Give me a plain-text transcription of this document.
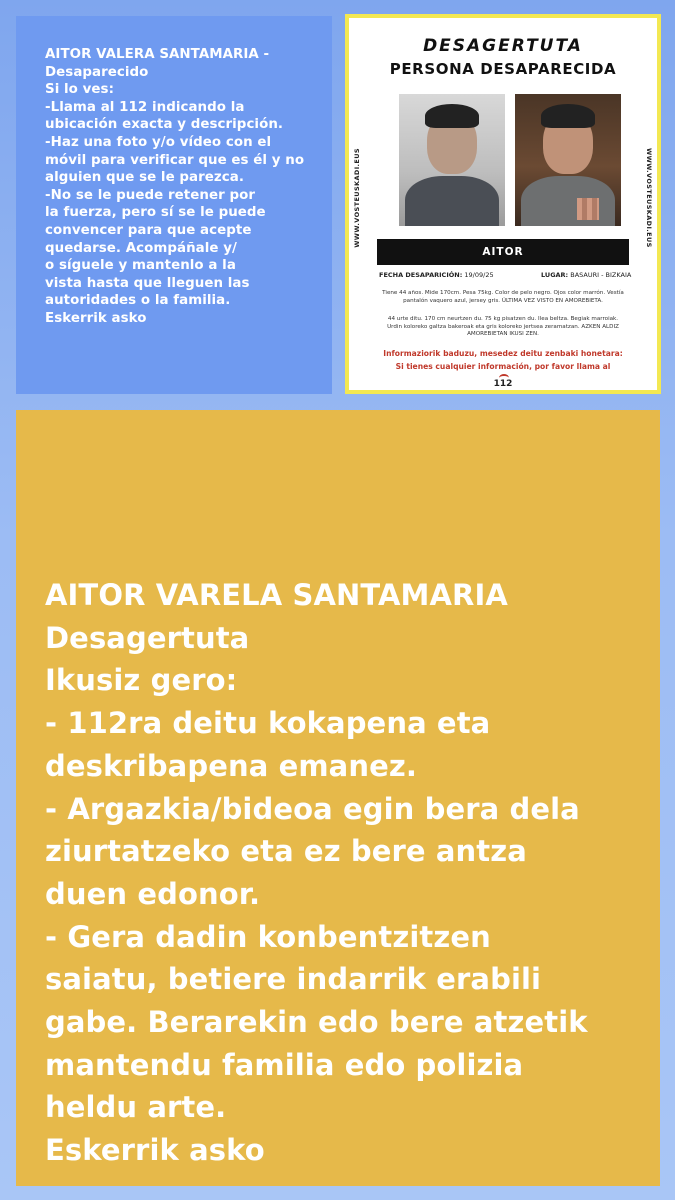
AITOR VALERA SANTAMARIA -
Desaparecido
Si lo ves:
-Llama al 112 indicando la
ubicación exacta y descripción.
-Haz una foto y/o vídeo con el
móvil para verificar que es él y no
alguien que se le parezca.
-No se le puede retener por
la fuerza, pero sí se le puede
convencer para que acepte
quedarse. Acompáñale y/
o síguele y mantenlo a la
vista hasta que lleguen las
autoridades o la familia.
Eskerrik asko
DESAGERTUTA
PERSONA DESAPARECIDA
WWW.VOSTEUSKADI.EUS	WWW.VOSTEUSKADI.EUS
AITOR
FECHA DESAPARICIÓN: 19/09/25	LUGAR: BASAURI - BIZKAIA
Tiene 44 años. Mide 170cm. Pesa 75kg. Color de pelo negro. Ojos color marrón. Vestía
pantalón vaquero azul, jersey gris. ÚLTIMA VEZ VISTO EN AMOREBIETA.
44 urte ditu. 170 cm neurtzen du. 75 kg pisatzen du. Ilea beltza. Begiak marroiak.
Urdin koloreko galtza bakeroak eta gris koloreko jertsea zeramatzan. AZKEN ALDIZ
AMOREBIETAN IKUSI ZEN.
Informaziorik baduzu, mesedez deitu zenbaki honetara:
Si tienes cualquier información, por favor llama al
112
Emergencias
AITOR VARELA SANTAMARIA
Desagertuta
Ikusiz gero:
- 112ra deitu kokapena eta
deskribapena emanez.
- Argazkia/bideoa egin bera dela
ziurtatzeko eta ez bere antza
duen edonor.
- Gera dadin konbentzitzen
saiatu, betiere indarrik erabili
gabe. Berarekin edo bere atzetik
mantendu familia edo polizia
heldu arte.
Eskerrik asko
